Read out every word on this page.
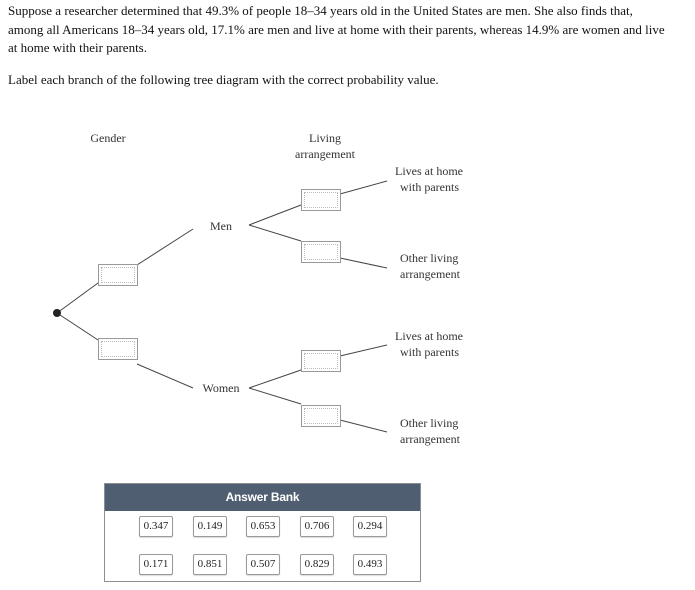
Suppose a researcher determined that 49.3% of people 18–34 years old in the United States are men. She also finds that,
among all Americans 18–34 years old, 17.1% are men and live at home with their parents, whereas 14.9% are women and live
at home with their parents.
Label each branch of the following tree diagram with the correct probability value.
Gender	Living
arrangement
Men
Women
Lives at home
with parents
Other living
arrangement
Lives at home
with parents
Other living
arrangement
Answer Bank
0.347	0.149	0.653	0.706	0.294
0.171	0.851	0.507	0.829	0.493
